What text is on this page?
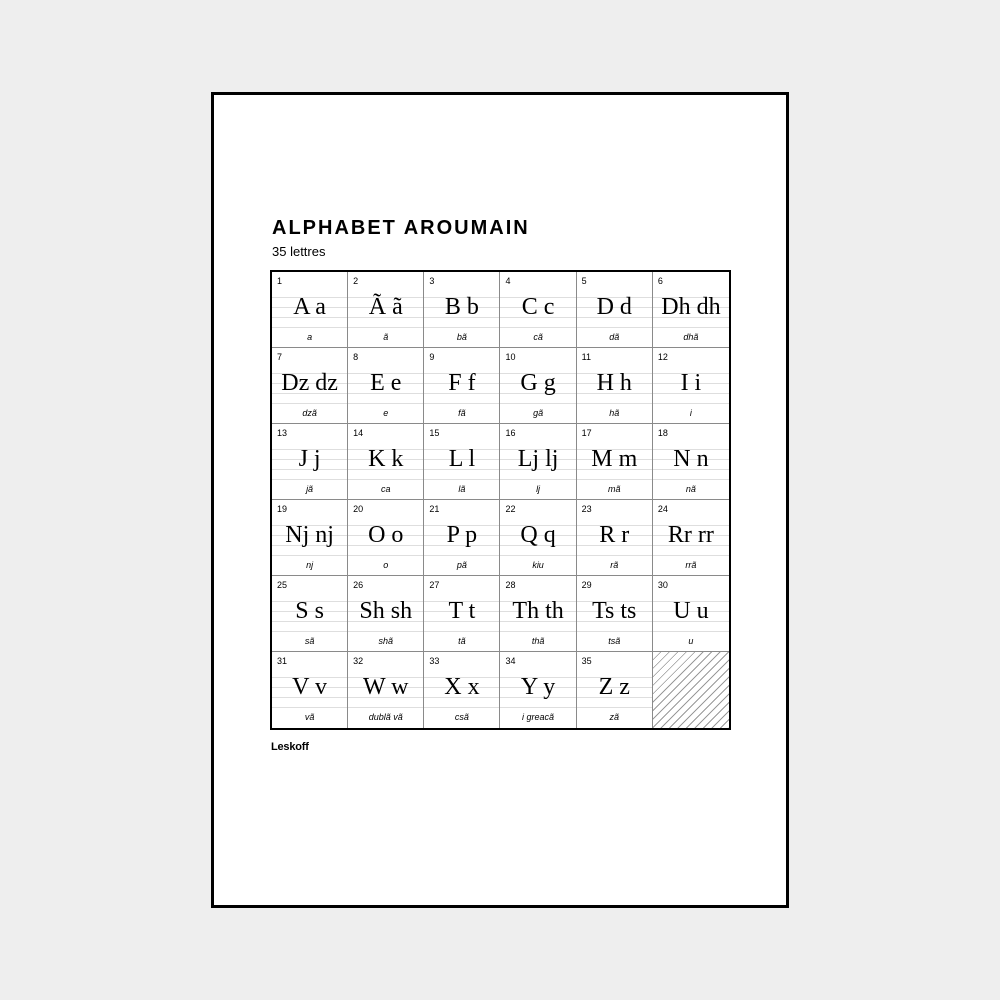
ALPHABET AROUMAIN
35 lettres
1
A a
a
2
Ã ã
ã
3
B b
bã
4
C c
cã
5
D d
dã
6
Dh dh
dhã
7
Dz dz
dzã
8
E e
e
9
F f
fã
10
G g
gã
11
H h
hã
12
I i
i
13
J j
jã
14
K k
ca
15
L l
lã
16
Lj lj
lj
17
M m
mã
18
N n
nã
19
Nj nj
nj
20
O o
o
21
P p
pã
22
Q q
kiu
23
R r
rã
24
Rr rr
rrã
25
S s
sã
26
Sh sh
shã
27
T t
tã
28
Th th
thã
29
Ts ts
tsã
30
U u
u
31
V v
vã
32
W w
dublã vã
33
X x
csã
34
Y y
i greacã
35
Z z
zã
Leskoff
